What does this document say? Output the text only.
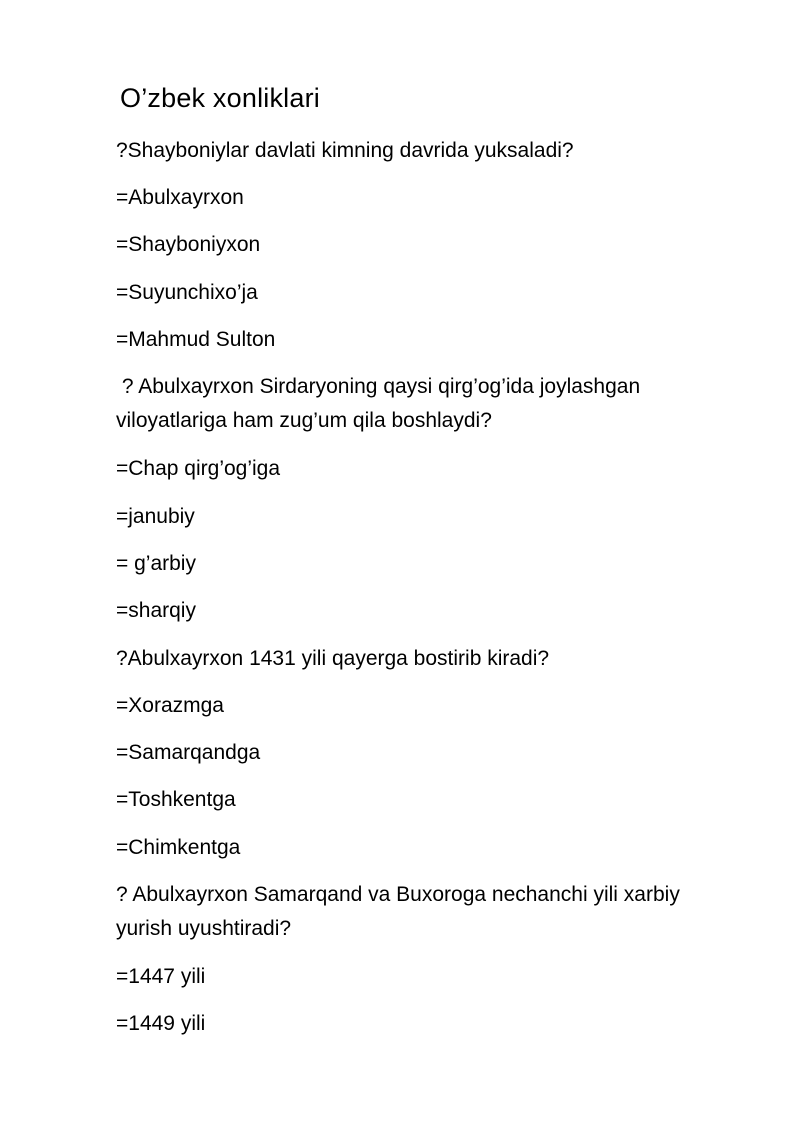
O’zbek xonliklari
?Shayboniylar davlati kimning davrida yuksaladi?
=Abulxayrxon
=Shayboniyxon
=Suyunchixo’ja
=Mahmud Sulton
? Abulxayrxon Sirdaryoning qaysi qirg’og’ida joylashgan
viloyatlariga ham zug’um qila boshlaydi?
=Chap qirg’og’iga
=janubiy
= g’arbiy
=sharqiy
?Abulxayrxon 1431 yili qayerga bostirib kiradi?
=Xorazmga
=Samarqandga
=Toshkentga
=Chimkentga
? Abulxayrxon Samarqand va Buxoroga nechanchi yili xarbiy
yurish uyushtiradi?
=1447 yili
=1449 yili
